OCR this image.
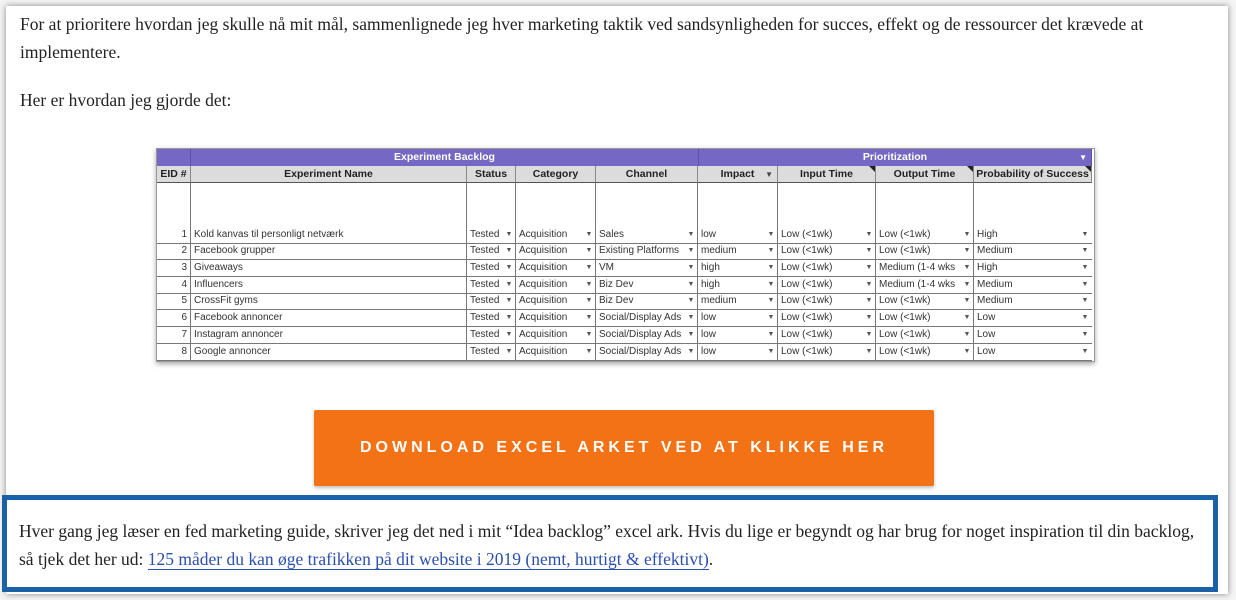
For at prioritere hvordan jeg skulle nå mit mål, sammenlignede jeg hver marketing taktik ved sandsynligheden for succes, effekt og de ressourcer det krævede at implementere.

Her er hvordan jeg gjorde det:

Experiment Backlog	Prioritization	▼
EID #	Experiment Name	Status	Category	Channel	Impact ▼	Input Time	Output Time	Probability of Success
1 Kold kanvas til personligt netværk	Tested ▼ Acquisition	▼ Sales	▼ low	▼ Low (<1wk)	▼ Low (<1wk)	▼ High	▼
2 Facebook grupper	Tested ▼ Acquisition	▼ Existing Platforms	▼ medium	▼ Low (<1wk)	▼ Low (<1wk)	▼ Medium	▼
3 Giveaways	Tested ▼ Acquisition	▼ VM	▼ high	▼ Low (<1wk)	▼ Medium (1-4 wks	▼ High	▼
4 Influencers	Tested ▼ Acquisition	▼ Biz Dev	▼ high	▼ Low (<1wk)	▼ Medium (1-4 wks	▼ Medium	▼
5 CrossFit gyms	Tested ▼ Acquisition	▼ Biz Dev	▼ medium	▼ Low (<1wk)	▼ Low (<1wk)	▼ Medium	▼
6 Facebook annoncer	Tested ▼ Acquisition	▼ Social/Display Ads ▼ low	▼ Low (<1wk)	▼ Low (<1wk)	▼ Low	▼
7 Instagram annoncer	Tested ▼ Acquisition	▼ Social/Display Ads ▼ low	▼ Low (<1wk)	▼ Low (<1wk)	▼ Low	▼
8 Google annoncer	Tested ▼ Acquisition	▼ Social/Display Ads ▼ low	▼ Low (<1wk)	▼ Low (<1wk)	▼ Low	▼
DOWNLOAD EXCEL ARKET VED AT KLIKKE HER

Hver gang jeg læser en fed marketing guide, skriver jeg det ned i mit “Idea backlog” excel ark. Hvis du lige er begyndt og har brug for noget inspiration til din backlog, så tjek det her ud: 125 måder du kan øge trafikken på dit website i 2019 (nemt, hurtigt & effektivt).
